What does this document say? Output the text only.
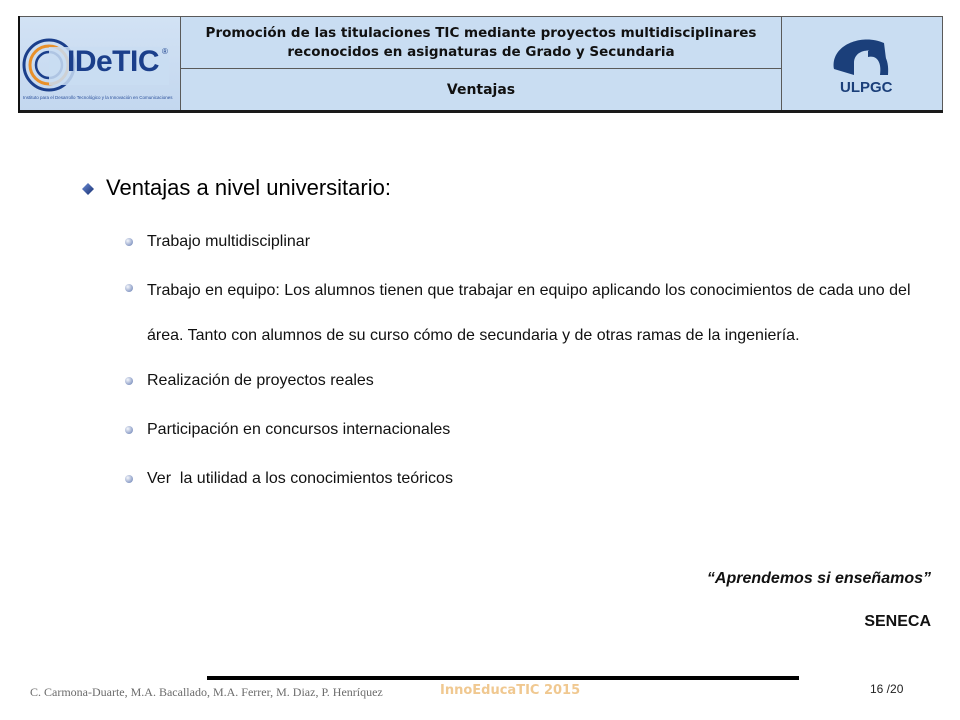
IDeTIC ®
Instituto para el Desarrollo Tecnológico y la Innovación en Comunicaciones
Promoción de las titulaciones TIC mediante proyectos multidisciplinares reconocidos en asignaturas de Grado y Secundaria
Ventajas	ULPGC
Ventajas a nivel universitario:
Trabajo multidisciplinar
Trabajo en equipo: Los alumnos tienen que trabajar en equipo aplicando los conocimientos de cada uno del área. Tanto con alumnos de su curso cómo de secundaria y de otras ramas de la ingeniería.
Realización de proyectos reales
Participación en concursos internacionales
Ver  la utilidad a los conocimientos teóricos
“Aprendemos si enseñamos”
SENECA
C. Carmona-Duarte, M.A. Bacallado, M.A. Ferrer, M. Diaz, P. Henríquez	InnoEducaTIC 2015	16 /20
